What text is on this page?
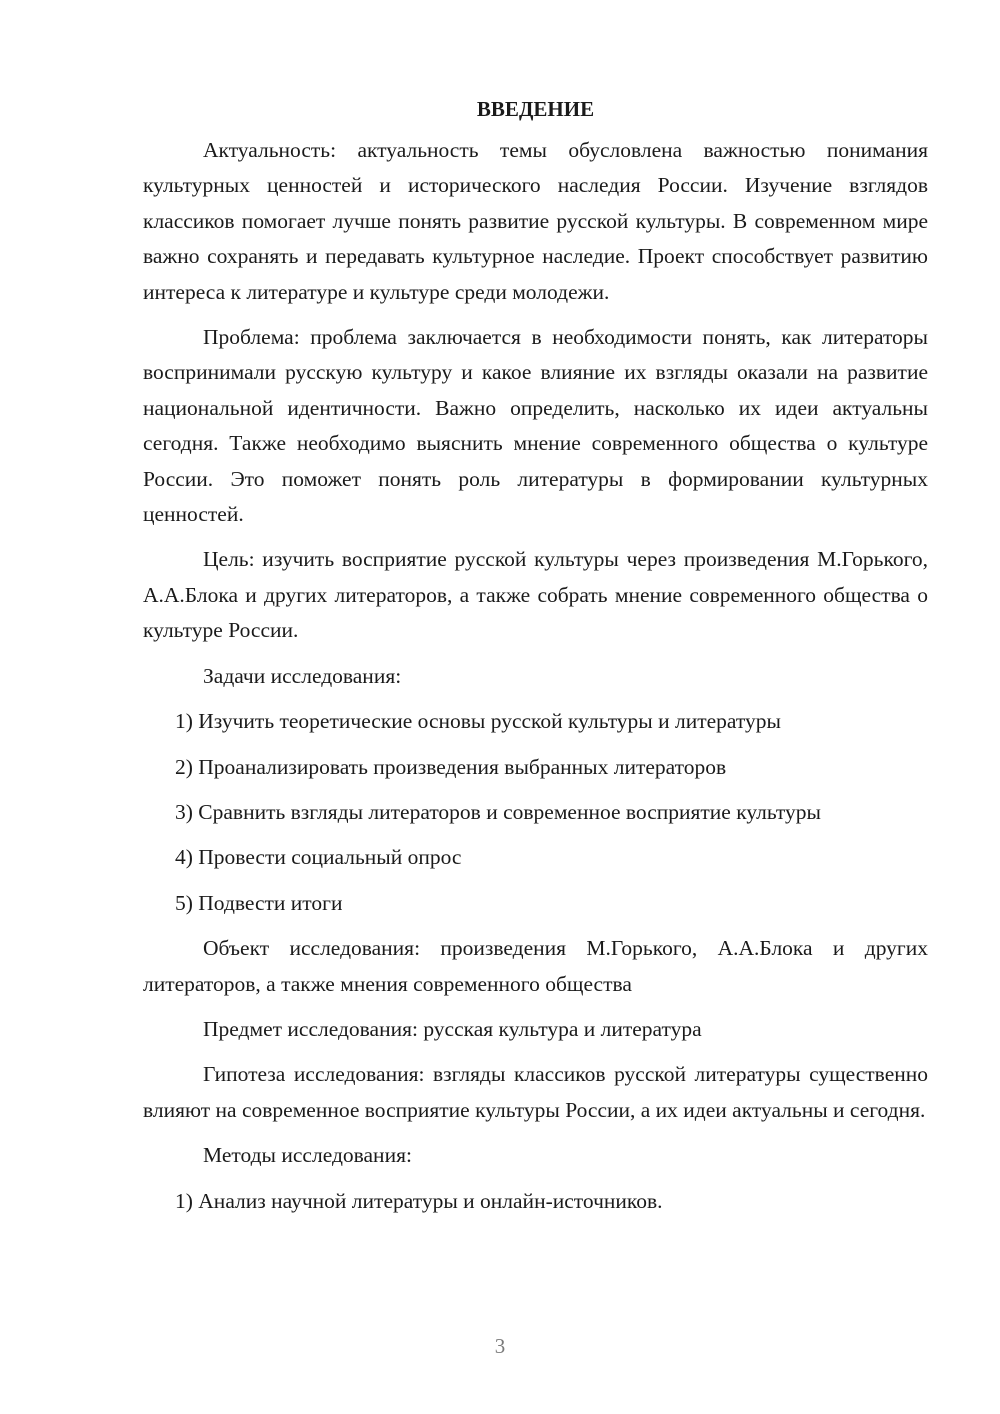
ВВЕДЕНИЕ

Актуальность: актуальность темы обусловлена важностью понимания культурных ценностей и исторического наследия России. Изучение взглядов классиков помогает лучше понять развитие русской культуры. В современном мире важно сохранять и передавать культурное наследие. Проект способствует развитию интереса к литературе и культуре среди молодежи.

Проблема: проблема заключается в необходимости понять, как литераторы воспринимали русскую культуру и какое влияние их взгляды оказали на развитие национальной идентичности. Важно определить, насколько их идеи актуальны сегодня. Также необходимо выяснить мнение современного общества о культуре России. Это поможет понять роль литературы в формировании культурных ценностей.

Цель: изучить восприятие русской культуры через произведения М.Горького, А.А.Блока и других литераторов, а также собрать мнение современного общества о культуре России.

Задачи исследования:

1) Изучить теоретические основы русской культуры и литературы

2) Проанализировать произведения выбранных литераторов

3) Сравнить взгляды литераторов и современное восприятие культуры

4) Провести социальный опрос

5) Подвести итоги

Объект исследования: произведения М.Горького, А.А.Блока и других литераторов, а также мнения современного общества

Предмет исследования: русская культура и литература

Гипотеза исследования: взгляды классиков русской литературы существенно влияют на современное восприятие культуры России, а их идеи актуальны и сегодня.

Методы исследования:

1) Анализ научной литературы и онлайн-источников.

3
